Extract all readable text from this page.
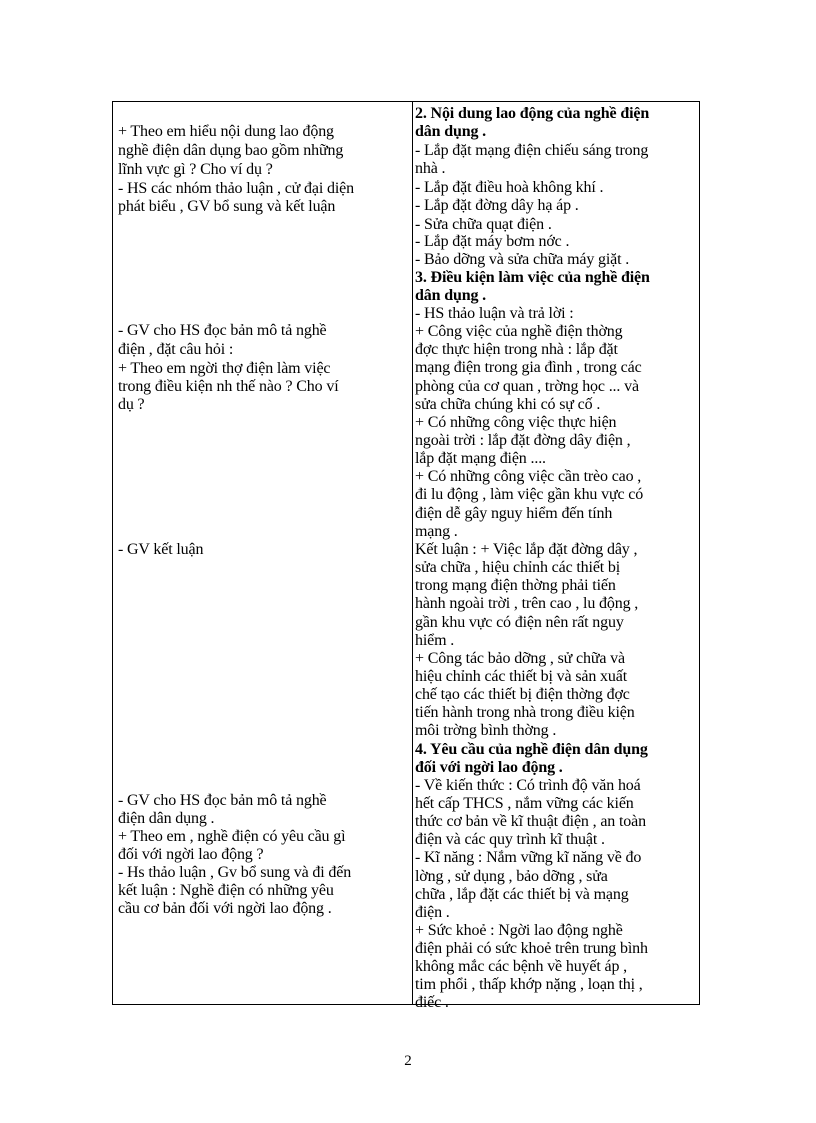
+ Theo em hiểu nội dung lao động
nghề điện dân dụng bao gồm những
lĩnh vực gì ? Cho ví dụ ?
- HS các nhóm thảo luận , cử đại diện
phát biểu , GV bổ sung và kết luận
- GV cho HS đọc bản mô tả nghề
điện , đặt câu hỏi :
+ Theo em ngời thợ điện làm việc
trong điều kiện nh thế nào ? Cho ví
dụ ?
- GV kết luận
- GV cho HS đọc bản mô tả nghề
điện dân dụng .
+ Theo em , nghề điện có yêu cầu gì
đối với ngời lao động ?
- Hs thảo luận , Gv bổ sung và đi đến
kết luận : Nghề điện có những yêu
cầu cơ bản đối với ngời lao động .
2. Nội dung lao động của nghề điện
dân dụng .
- Lắp đặt mạng điện chiếu sáng trong
nhà .
- Lắp đặt điều hoà không khí .
- Lắp đặt đờng dây hạ áp .
- Sửa chữa quạt điện .
- Lắp đặt máy bơm nớc .
- Bảo dỡng và sửa chữa máy giặt .
3. Điều kiện làm việc của nghề điện
dân dụng .
- HS thảo luận và trả lời :
+ Công việc của nghề điện thờng
đợc thực hiện trong nhà : lắp đặt
mạng điện trong gia đình , trong các
phòng của cơ quan , trờng học ... và
sửa chữa chúng khi có sự cố .
+ Có những công việc thực hiện
ngoài trời : lắp đặt đờng dây điện ,
lắp đặt mạng điện ....
+ Có những công việc cần trèo cao ,
đi lu động , làm việc gần khu vực có
điện dễ gây nguy hiểm đến tính
mạng .
Kết luận : + Việc lắp đặt đờng dây ,
sửa chữa , hiệu chỉnh các thiết bị
trong mạng điện thờng phải tiến
hành ngoài trời , trên cao , lu động ,
gần khu vực có điện nên rất nguy
hiểm .
+ Công tác bảo dỡng , sử chữa và
hiệu chỉnh các thiết bị và sản xuất
chế tạo các thiết bị điện thờng đợc
tiến hành trong nhà trong điều kiện
môi trờng bình thờng .
4. Yêu cầu của nghề điện dân dụng
đối với ngời lao động .
- Về kiến thức : Có trình độ văn hoá
hết cấp THCS , nắm vững các kiến
thức cơ bản về kĩ thuật điện , an toàn
điện và các quy trình kĩ thuật .
- Kĩ năng : Nắm vững kĩ năng về đo
lờng , sử dụng , bảo dỡng , sửa
chữa , lắp đặt các thiết bị và mạng
điện .
+ Sức khoẻ : Ngời lao động nghề
điện phải có sức khoẻ trên trung bình
không mắc các bệnh về huyết áp ,
tim phổi , thấp khớp nặng , loạn thị ,
điếc .
2
